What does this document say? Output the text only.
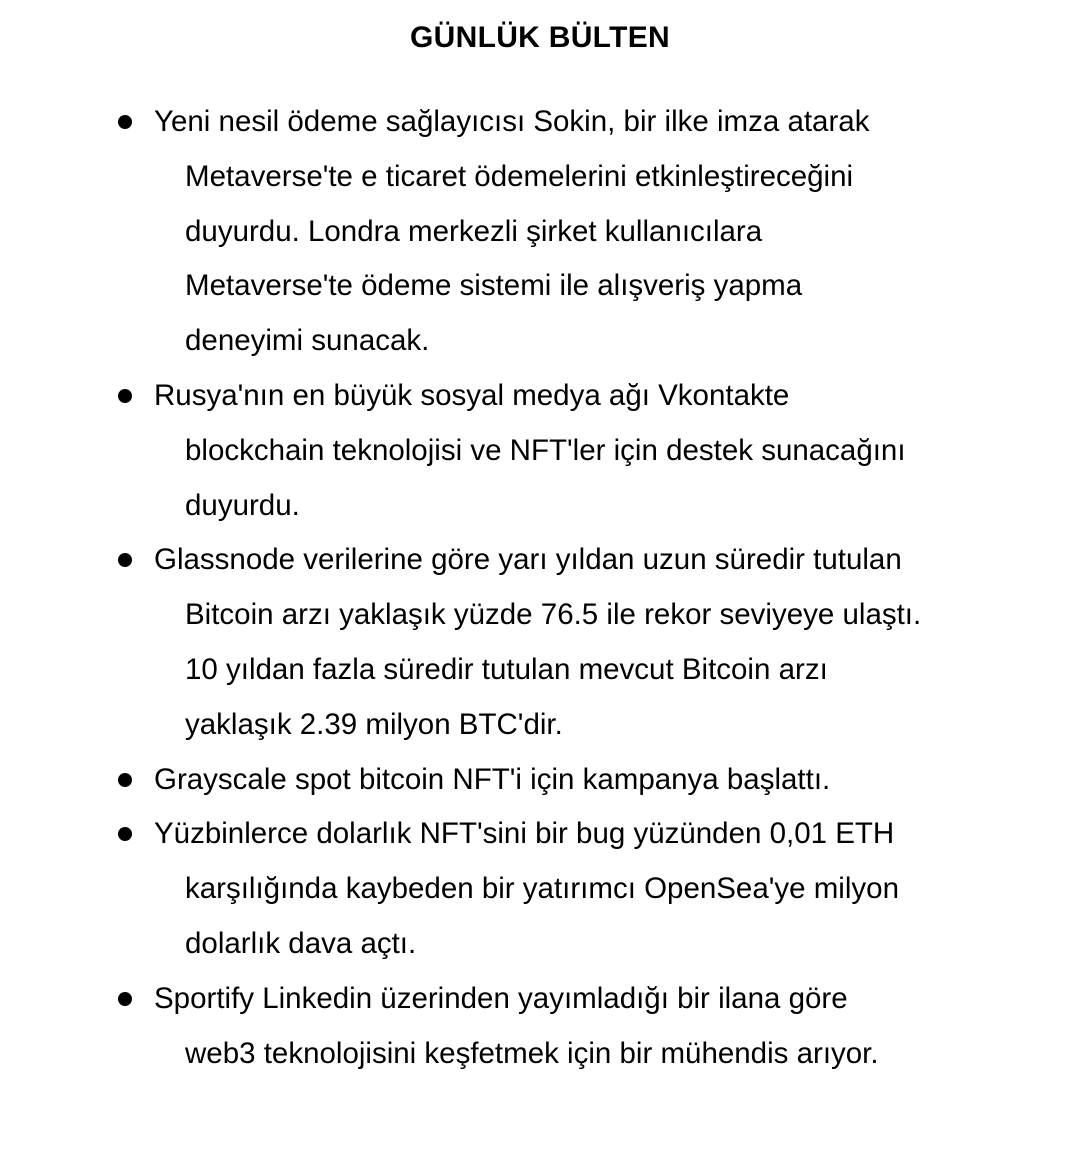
GÜNLÜK BÜLTEN
Yeni nesil ödeme sağlayıcısı Sokin, bir ilke imza atarak
Metaverse'te e ticaret ödemelerini etkinleştireceğini
duyurdu. Londra merkezli şirket kullanıcılara
Metaverse'te ödeme sistemi ile alışveriş yapma
deneyimi sunacak.
Rusya'nın en büyük sosyal medya ağı Vkontakte
blockchain teknolojisi ve NFT'ler için destek sunacağını
duyurdu.
Glassnode verilerine göre yarı yıldan uzun süredir tutulan
Bitcoin arzı yaklaşık yüzde 76.5 ile rekor seviyeye ulaştı.
10 yıldan fazla süredir tutulan mevcut Bitcoin arzı
yaklaşık 2.39 milyon BTC'dir.
Grayscale spot bitcoin NFT'i için kampanya başlattı.
Yüzbinlerce dolarlık NFT'sini bir bug yüzünden 0,01 ETH
karşılığında kaybeden bir yatırımcı OpenSea'ye milyon
dolarlık dava açtı.
Sportify Linkedin üzerinden yayımladığı bir ilana göre
web3 teknolojisini keşfetmek için bir mühendis arıyor.
